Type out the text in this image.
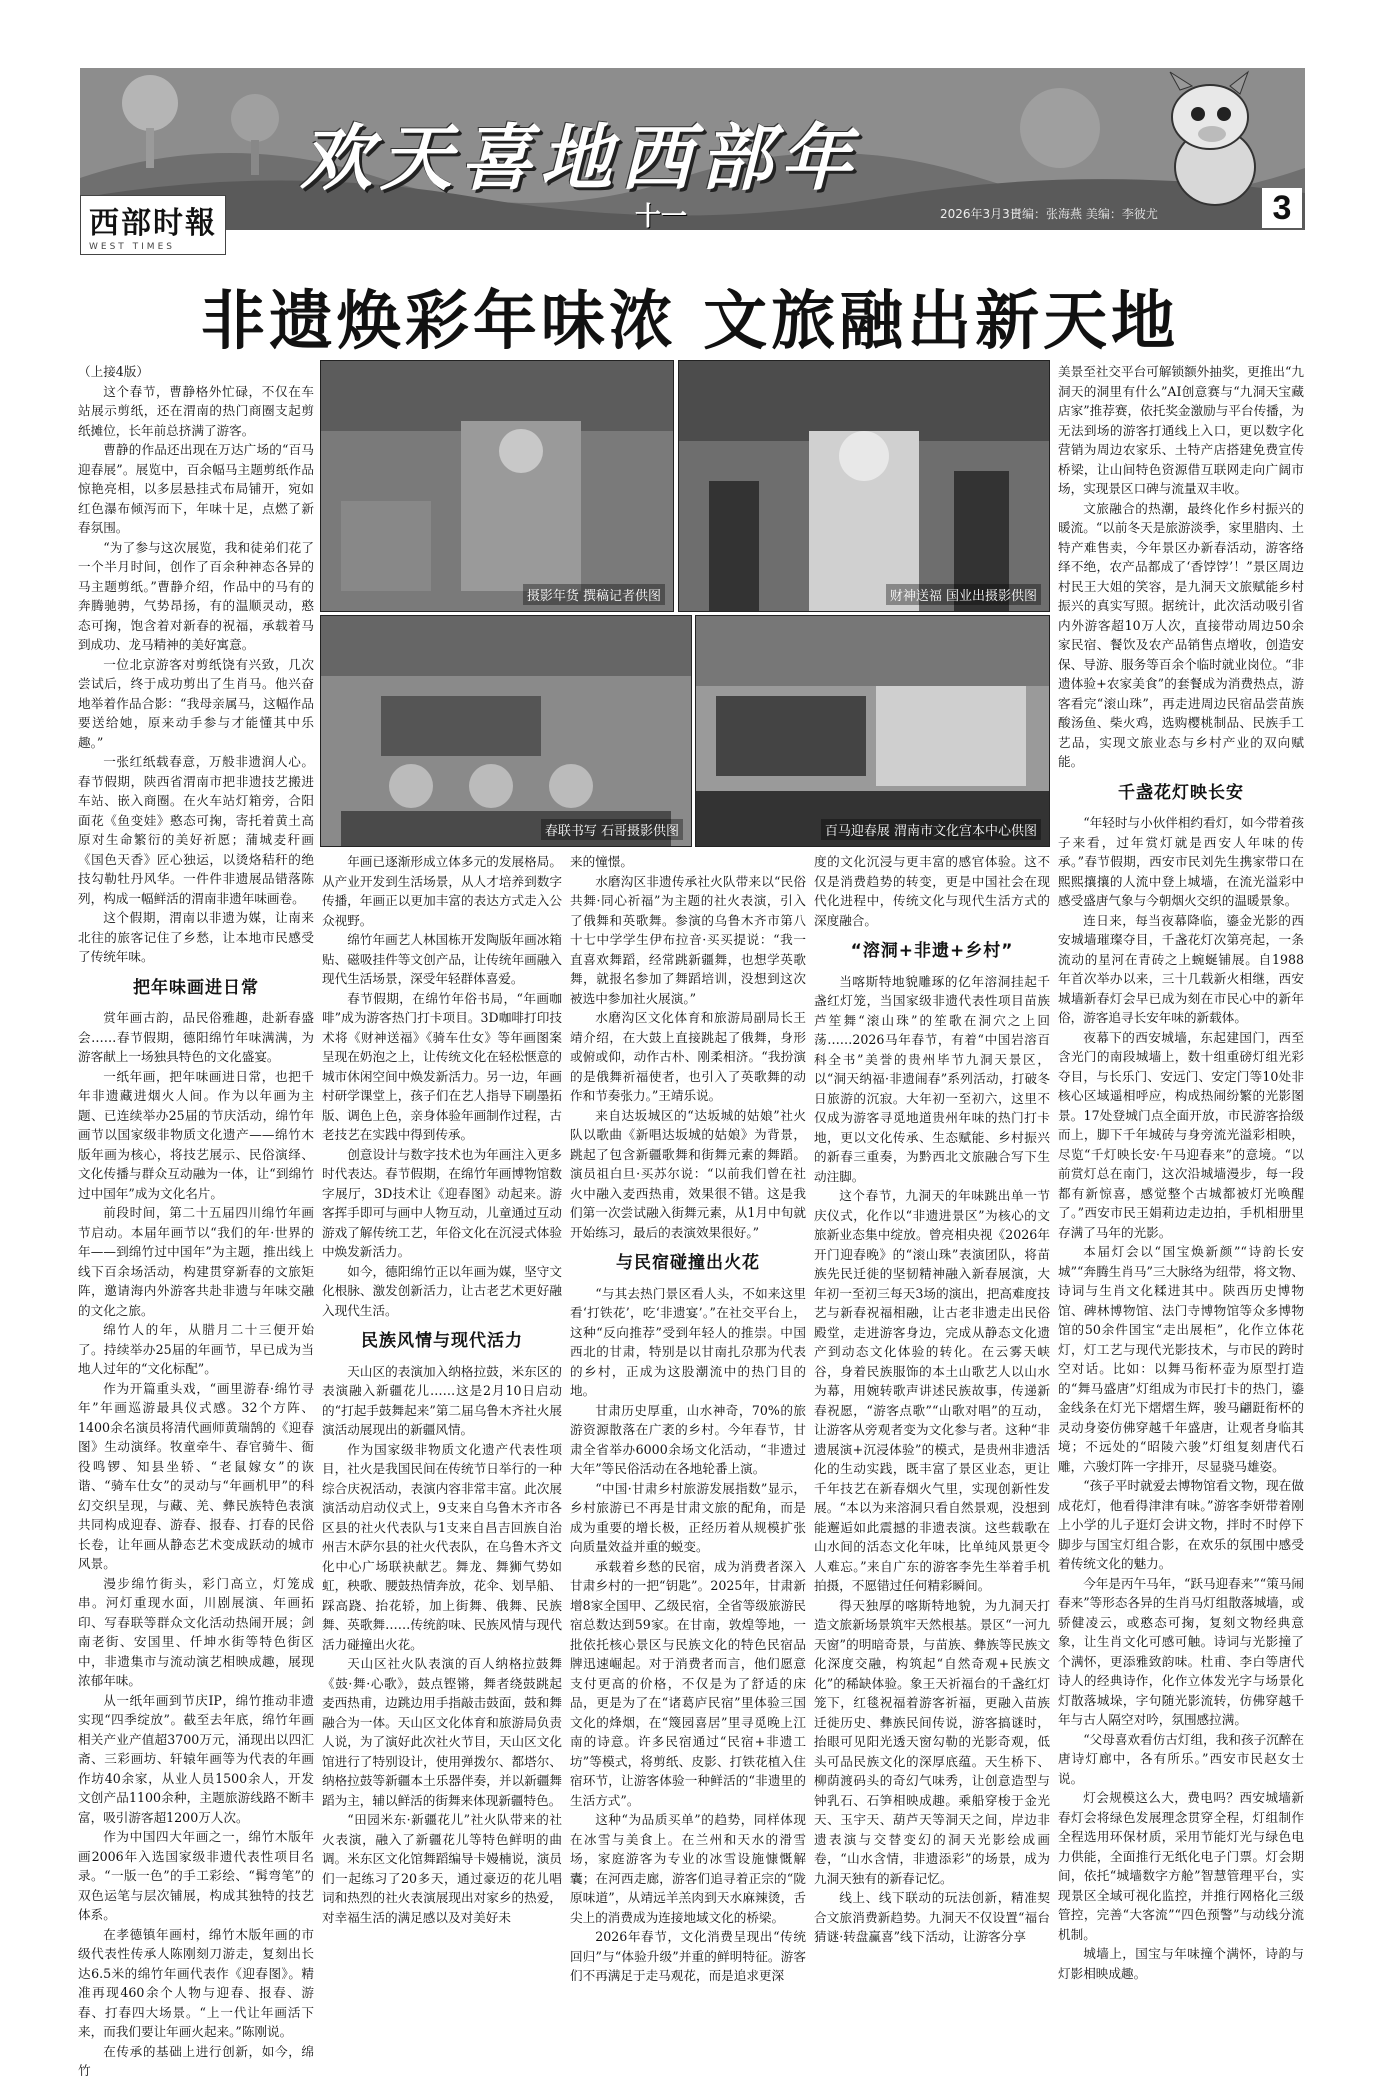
欢天喜地西部年
十一	2026年3月3日
责编：张海燕 美编：李彼尤	3
西部时報
WEST TIMES
非遗焕彩年味浓 文旅融出新天地
摄影年货 撰稿记者供图	财神送福 国业出摄影供图
春联书写 石哥摄影供图	百马迎春展 渭南市文化宫本中心供图

（上接4版）

这个春节，曹静格外忙碌，不仅在车站展示剪纸，还在渭南的热门商圈支起剪纸摊位，长年前总挤满了游客。

曹静的作品还出现在万达广场的“百马迎春展”。展览中，百余幅马主题剪纸作品惊艳亮相，以多层悬挂式布局铺开，宛如红色瀑布倾泻而下，年味十足，点燃了新春氛围。

“为了参与这次展览，我和徒弟们花了一个半月时间，创作了百余种神态各异的马主题剪纸。”曹静介绍，作品中的马有的奔腾驰骋，气势昂扬，有的温顺灵动，憨态可掬，饱含着对新春的祝福，承载着马到成功、龙马精神的美好寓意。

一位北京游客对剪纸饶有兴致，几次尝试后，终于成功剪出了生肖马。他兴奋地举着作品合影：“我母亲属马，这幅作品要送给她，原来动手参与才能懂其中乐趣。”

一张红纸载春意，万般非遗润人心。春节假期，陕西省渭南市把非遗技艺搬进车站、嵌入商圈。在火车站灯箱旁，合阳面花《鱼变娃》憨态可掬，寄托着黄土高原对生命繁衍的美好祈愿；蒲城麦秆画《国色天香》匠心独运，以烫烙秸秆的绝技勾勒牡丹风华。一件件非遗展品错落陈列，构成一幅鲜活的渭南非遗年味画卷。

这个假期，渭南以非遗为媒，让南来北往的旅客记住了乡愁，让本地市民感受了传统年味。

把年味画进日常

赏年画古韵，品民俗雅趣，赴新春盛会……春节假期，德阳绵竹年味满满，为游客献上一场独具特色的文化盛宴。

一纸年画，把年味画进日常，也把千年非遗藏进烟火人间。作为以年画为主题、已连续举办25届的节庆活动，绵竹年画节以国家级非物质文化遗产——绵竹木版年画为核心，将技艺展示、民俗演绎、文化传播与群众互动融为一体，让“到绵竹过中国年”成为文化名片。

前段时间，第二十五届四川绵竹年画节启动。本届年画节以“我们的年·世界的年——到绵竹过中国年”为主题，推出线上线下百余场活动，构建贯穿新春的文旅矩阵，邀请海内外游客共赴非遗与年味交融的文化之旅。

绵竹人的年，从腊月二十三便开始了。持续举办25届的年画节，早已成为当地人过年的“文化标配”。

作为开篇重头戏，“画里游春·绵竹寻年”年画巡游最具仪式感。32个方阵、1400余名演员将清代画师黄瑞鹄的《迎春图》生动演绎。牧童牵牛、春官骑牛、衙役鸣锣、知县坐轿、“老鼠嫁女”的诙谐、“骑车仕女”的灵动与“年画机甲”的科幻交织呈现，与藏、羌、彝民族特色表演共同构成迎春、游春、报春、打春的民俗长卷，让年画从静态艺术变成跃动的城市风景。

漫步绵竹街头，彩门高立，灯笼成串。河灯重现水面，川剧展演、年画拓印、写春联等群众文化活动热闹开展；剑南老街、安国里、仟坤水街等特色街区中，非遗集市与流动演艺相映成趣，展现浓郁年味。

从一纸年画到节庆IP，绵竹推动非遗实现“四季绽放”。截至去年底，绵竹年画相关产业产值超3700万元，涌现出以四汇斋、三彩画坊、轩辕年画等为代表的年画作坊40余家，从业人员1500余人，开发文创产品1100余种，主题旅游线路不断丰富，吸引游客超1200万人次。

作为中国四大年画之一，绵竹木版年画2006年入选国家级非遗代表性项目名录。“一版一色”的手工彩绘、“髯弯笔”的双色运笔与层次铺展，构成其独特的技艺体系。

在孝德镇年画村，绵竹木版年画的市级代表性传承人陈刚刻刀游走，复刻出长达6.5米的绵竹年画代表作《迎春图》。精准再现460余个人物与迎春、报春、游春、打春四大场景。“上一代让年画活下来，而我们要让年画火起来。”陈刚说。

在传承的基础上进行创新，如今，绵竹

年画已逐渐形成立体多元的发展格局。从产业开发到生活场景，从人才培养到数字传播，年画正以更加丰富的表达方式走入公众视野。

绵竹年画艺人林国栋开发陶版年画冰箱贴、磁吸挂件等文创产品，让传统年画融入现代生活场景，深受年轻群体喜爱。

春节假期，在绵竹年俗书局，“年画咖啡”成为游客热门打卡项目。3D咖啡打印技术将《财神送福》《骑车仕女》等年画图案呈现在奶泡之上，让传统文化在轻松惬意的城市休闲空间中焕发新活力。另一边，年画村研学课堂上，孩子们在艺人指导下刷墨拓版、调色上色，亲身体验年画制作过程，古老技艺在实践中得到传承。

创意设计与数字技术也为年画注入更多时代表达。春节假期，在绵竹年画博物馆数字展厅，3D技术让《迎春图》动起来。游客挥手即可与画中人物互动，儿童通过互动游戏了解传统工艺，年俗文化在沉浸式体验中焕发新活力。

如今，德阳绵竹正以年画为媒，坚守文化根脉、激发创新活力，让古老艺术更好融入现代生活。

民族风情与现代活力

天山区的表演加入纳格拉鼓，米东区的表演融入新疆花儿……这是2月10日启动的“打起手鼓舞起来”第二届乌鲁木齐社火展演活动展现出的新疆风情。

作为国家级非物质文化遗产代表性项目，社火是我国民间在传统节日举行的一种综合庆祝活动，表演内容非常丰富。此次展演活动启动仪式上，9支来自乌鲁木齐市各区县的社火代表队与1支来自昌吉回族自治州吉木萨尔县的社火代表队，在乌鲁木齐文化中心广场联袂献艺。舞龙、舞狮气势如虹，秧歌、腰鼓热情奔放，花伞、划旱船、踩高跷、抬花轿，加上街舞、俄舞、民族舞、英歌舞……传统韵味、民族风情与现代活力碰撞出火花。

天山区社火队表演的百人纳格拉鼓舞《鼓·舞·心歌》，鼓点铿锵，舞者绕鼓跳起麦西热甫，边跳边用手指敲击鼓面，鼓和舞融合为一体。天山区文化体育和旅游局负责人说，为了演好此次社火节目，天山区文化馆进行了特别设计，使用弹拨尔、都塔尔、纳格拉鼓等新疆本土乐器伴奏，并以新疆舞蹈为主，辅以鲜活的街舞来体现新疆特色。

“田园米东·新疆花儿”社火队带来的社火表演，融入了新疆花儿等特色鲜明的曲调。米东区文化馆舞蹈编导卡嫚楠说，演员们一起练习了20多天，通过豪迈的花儿唱词和热烈的社火表演展现出对家乡的热爱，对幸福生活的满足感以及对美好未

来的憧憬。

水磨沟区非遗传承社火队带来以“民俗共舞·同心祈福”为主题的社火表演，引入了俄舞和英歌舞。参演的乌鲁木齐市第八十七中学学生伊布拉音·买买提说：“我一直喜欢舞蹈，经常跳新疆舞，也想学英歌舞，就报名参加了舞蹈培训，没想到这次被选中参加社火展演。”

水磨沟区文化体育和旅游局副局长王靖介绍，在大鼓上直接跳起了俄舞，身形或俯或仰，动作古朴、刚柔相济。“我扮演的是俄舞祈福使者，也引入了英歌舞的动作和节奏张力。”王靖乐说。

来自达坂城区的“达坂城的姑娘”社火队以歌曲《新唱达坂城的姑娘》为背景，跳起了包含新疆歌舞和街舞元素的舞蹈。演员祖白旦·买苏尔说：“以前我们曾在社火中融入麦西热甫，效果很不错。这是我们第一次尝试融入街舞元素，从1月中旬就开始练习，最后的表演效果很好。”

与民宿碰撞出火花

“与其去热门景区看人头，不如来这里看‘打铁花’，吃‘非遗宴’。”在社交平台上，这种“反向推荐”受到年轻人的推崇。中国西北的甘肃，特别是以甘南扎尕那为代表的乡村，正成为这股潮流中的热门目的地。

甘肃历史厚重，山水神奇，70%的旅游资源散落在广袤的乡村。今年春节，甘肃全省举办6000余场文化活动，“非遗过大年”等民俗活动在各地轮番上演。

“中国·甘肃乡村旅游发展指数”显示，乡村旅游已不再是甘肃文旅的配角，而是成为重要的增长极，正经历着从规模扩张向质量效益并重的蜕变。

承载着乡愁的民宿，成为消费者深入甘肃乡村的一把“钥匙”。2025年，甘肃新增8家全国甲、乙级民宿，全省等级旅游民宿总数达到59家。在甘南，敦煌等地，一批依托核心景区与民族文化的特色民宿品牌迅速崛起。对于消费者而言，他们愿意支付更高的价格，不仅是为了舒适的床品，更是为了在“诸葛庐民宿”里体验三国文化的烽烟，在“篾园喜居”里寻觅晚上江南的诗意。许多民宿通过“民宿+非遗工坊”等模式，将剪纸、皮影、打铁花植入住宿环节，让游客体验一种鲜活的“非遗里的生活方式”。

这种“为品质买单”的趋势，同样体现在冰雪与美食上。在兰州和天水的滑雪场，家庭游客为专业的冰雪设施慷慨解囊；在河西走廊，游客们追寻着正宗的“陇原味道”，从靖远羊羔肉到天水麻辣烫，舌尖上的消费成为连接地域文化的桥梁。

2026年春节，文化消费呈现出“传统回归”与“体验升级”并重的鲜明特征。游客们不再满足于走马观花，而是追求更深

度的文化沉浸与更丰富的感官体验。这不仅是消费趋势的转变，更是中国社会在现代化进程中，传统文化与现代生活方式的深度融合。

“溶洞+非遗+乡村”

当喀斯特地貌雕琢的亿年溶洞挂起千盏红灯笼，当国家级非遗代表性项目苗族芦笙舞“滚山珠”的笙歌在洞穴之上回荡……2026马年春节，有着“中国岩溶百科全书”美誉的贵州毕节九洞天景区，以“洞天纳福·非遗闹春”系列活动，打破冬日旅游的沉寂。大年初一至初六，这里不仅成为游客寻觅地道贵州年味的热门打卡地，更以文化传承、生态赋能、乡村振兴的新春三重奏，为黔西北文旅融合写下生动注脚。

这个春节，九洞天的年味跳出单一节庆仪式，化作以“非遗进景区”为核心的文旅新业态集中绽放。曾亮相央视《2026年开门迎春晚》的“滚山珠”表演团队，将苗族先民迁徙的坚韧精神融入新春展演，大年初一至初三每天3场的演出，把高难度技艺与新春祝福相融，让古老非遗走出民俗殿堂，走进游客身边，完成从静态文化遗产到动态文化体验的转化。在云雾天峡谷，身着民族服饰的本土山歌艺人以山水为幕，用婉转歌声讲述民族故事，传递新春祝愿，“游客点歌”“山歌对唱”的互动，让游客从旁观者变为文化参与者。这种“非遗展演+沉浸体验”的模式，是贵州非遗活化的生动实践，既丰富了景区业态，更让千年技艺在新春烟火气里，实现创新性发展。“本以为来溶洞只看自然景观，没想到能邂逅如此震撼的非遗表演。这些载歌在山水间的活态文化年味，比单纯风景更令人难忘。”来自广东的游客李先生举着手机拍摄，不愿错过任何精彩瞬间。

得天独厚的喀斯特地貌，为九洞天打造文旅新场景筑牢天然根基。景区“一河九天窗”的明暗奇景，与苗族、彝族等民族文化深度交融，构筑起“自然奇观+民族文化”的稀缺体验。象王天祈福台的千盏红灯笼下，红毯祝福着游客祈福，更融入苗族迁徙历史、彝族民间传说，游客搞谜时，抬眼可见阳光透天窗勾勒的光影奇观，低头可品民族文化的深厚底蕴。天生桥下、柳荫渡码头的奇幻气味秀，让创意造型与钟乳石、石笋相映成趣。乘船穿梭于金光天、玉宇天、葫芦天等洞天之间，岸边非遗表演与交替变幻的洞天光影绘成画卷，“山水含情，非遗添彩”的场景，成为九洞天独有的新春记忆。

线上、线下联动的玩法创新，精准契合文旅消费新趋势。九洞天不仅设置“福台猜谜·转盘赢喜”线下活动，让游客分享

美景至社交平台可解锁额外抽奖，更推出“九洞天的洞里有什么”AI创意赛与“九洞天宝藏店家”推荐赛，依托奖金激励与平台传播，为无法到场的游客打通线上入口，更以数字化营销为周边农家乐、土特产店搭建免费宣传桥梁，让山间特色资源借互联网走向广阔市场，实现景区口碑与流量双丰收。

文旅融合的热潮，最终化作乡村振兴的暖流。“以前冬天是旅游淡季，家里腊肉、土特产难售卖，今年景区办新春活动，游客络绎不绝，农产品都成了‘香饽饽’！”景区周边村民王大姐的笑容，是九洞天文旅赋能乡村振兴的真实写照。据统计，此次活动吸引省内外游客超10万人次，直接带动周边50余家民宿、餐饮及农产品销售点增收，创造安保、导游、服务等百余个临时就业岗位。“非遗体验+农家美食”的套餐成为消费热点，游客看完“滚山珠”，再走进周边民宿品尝苗族酸汤鱼、柴火鸡，选购樱桃制品、民族手工艺品，实现文旅业态与乡村产业的双向赋能。

千盏花灯映长安

“年轻时与小伙伴相约看灯，如今带着孩子来看，过年赏灯就是西安人年味的传承。”春节假期，西安市民刘先生携家带口在熙熙攘攘的人流中登上城墙，在流光溢彩中感受盛唐气象与今朝烟火交织的温暖景象。

连日来，每当夜幕降临，鎏金光影的西安城墙璀璨夺目，千盏花灯次第亮起，一条流动的星河在青砖之上蜿蜒铺展。自1988年首次举办以来，三十几载新火相继，西安城墙新春灯会早已成为刻在市民心中的新年俗，游客追寻长安年味的新载体。

夜幕下的西安城墙，东起建国门，西至含光门的南段城墙上，数十组重磅灯组光彩夺目，与长乐门、安远门、安定门等10处非核心区域遥相呼应，构成热闹纷繁的光影图景。17处登城门点全面开放，市民游客拾级而上，脚下千年城砖与身旁流光溢彩相映，尽览“千灯映长安·午马迎春来”的意境。“以前赏灯总在南门，这次沿城墙漫步，每一段都有新惊喜，感觉整个古城都被灯光唤醒了。”西安市民王娟莉边走边拍，手机相册里存满了马年的光影。

本届灯会以“国宝焕新颜”“诗韵长安城”“奔腾生肖马”三大脉络为纽带，将文物、诗词与生肖文化糅进其中。陕西历史博物馆、碑林博物馆、法门寺博物馆等众多博物馆的50余件国宝“走出展柜”，化作立体花灯，灯工艺与现代光影技术，与市民的跨时空对话。比如：以舞马衔杯壶为原型打造的“舞马盛唐”灯组成为市民打卡的热门，鎏金线条在灯光下熠熠生辉，骏马翩跹衔杯的灵动身姿仿佛穿越千年盛唐，让观者身临其境；不远处的“昭陵六骏”灯组复刻唐代石雕，六骏灯阵一字排开，尽显骁马雄姿。

“孩子平时就爱去博物馆看文物，现在做成花灯，他看得津津有味。”游客李妍带着刚上小学的儿子逛灯会讲文物，拌时不时停下脚步与国宝灯组合影，在欢乐的氛围中感受着传统文化的魅力。

今年是丙午马年，“跃马迎春来”“策马闹春来”等形态各异的生肖马灯组散落城墙，或骄健凌云，或憨态可掬，复刻文物经典意象，让生肖文化可感可触。诗词与光影撞了个满怀，更添雅致韵味。杜甫、李白等唐代诗人的经典诗作，化作立体发光字与场景化灯散落城垛，字句随光影流转，仿佛穿越千年与古人隔空对吟，氛围感拉满。

“父母喜欢看仿古灯组，我和孩子沉醉在唐诗灯廊中，各有所乐。”西安市民赵女士说。

灯会规模这么大，费电吗？西安城墙新春灯会将绿色发展理念贯穿全程，灯组制作全程选用环保材质，采用节能灯光与绿色电力供能，全面推行无纸化电子门票。灯会期间，依托“城墙数字方舱”智慧管理平台，实现景区全域可视化监控，并推行网格化三级管控，完善“大客流”“四色预警”与动线分流机制。

城墙上，国宝与年味撞个满怀，诗韵与灯影相映成趣。
